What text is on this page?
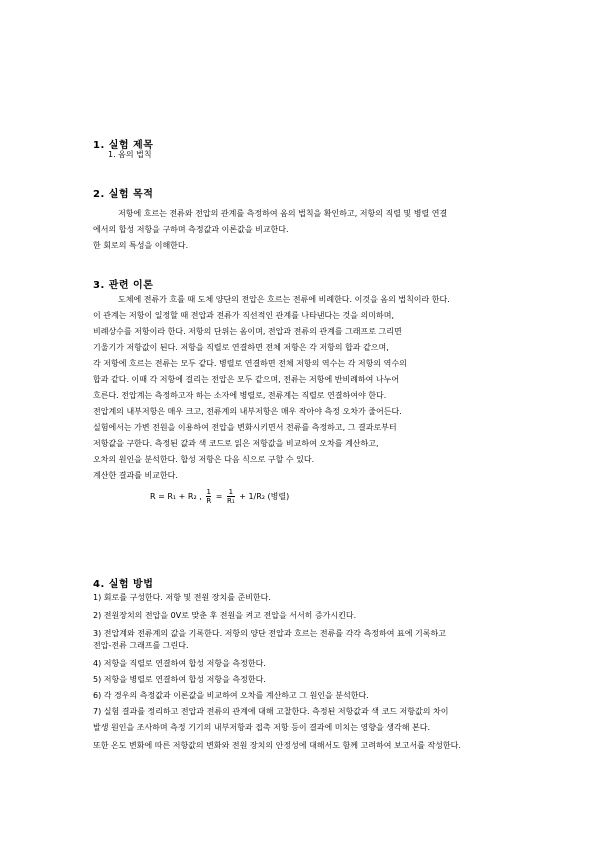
1. 실험 제목
1. 옴의 법칙
2. 실험 목적
저항에 흐르는 전류와 전압의 관계를 측정하여 옴의 법칙을 확인하고, 저항의 직렬 및 병렬 연결
에서의 합성 저항을 구하며 측정값과 이론값을 비교한다.
한 회로의 특성을 이해한다.
3. 관련 이론
도체에 전류가 흐를 때 도체 양단의 전압은 흐르는 전류에 비례한다. 이것을 옴의 법칙이라 한다.
이 관계는 저항이 일정할 때 전압과 전류가 직선적인 관계를 나타낸다는 것을 의미하며,
비례상수를 저항이라 한다. 저항의 단위는 옴이며, 전압과 전류의 관계를 그래프로 그리면
기울기가 저항값이 된다. 저항을 직렬로 연결하면 전체 저항은 각 저항의 합과 같으며,
각 저항에 흐르는 전류는 모두 같다. 병렬로 연결하면 전체 저항의 역수는 각 저항의 역수의
합과 같다. 이때 각 저항에 걸리는 전압은 모두 같으며, 전류는 저항에 반비례하여 나누어
흐른다. 전압계는 측정하고자 하는 소자에 병렬로, 전류계는 직렬로 연결하여야 한다.
전압계의 내부저항은 매우 크고, 전류계의 내부저항은 매우 작아야 측정 오차가 줄어든다.
실험에서는 가변 전원을 이용하여 전압을 변화시키면서 전류를 측정하고, 그 결과로부터
저항값을 구한다. 측정된 값과 색 코드로 읽은 저항값을 비교하여 오차를 계산하고,
오차의 원인을 분석한다. 합성 저항은 다음 식으로 구할 수 있다.
계산한 결과를 비교한다.
R = R₁ + R₂ , $\frac{1}{R} = \frac{1}{\text{R₁}} + 1/R_2$ (병렬)
4. 실험 방법
1) 회로를 구성한다. 저항 및 전원 장치를 준비한다.
2) 전원장치의 전압을 0V로 맞춘 후 전원을 켜고 전압을 서서히 증가시킨다.
3) 전압계와 전류계의 값을 기록한다. 저항의 양단 전압과 흐르는 전류를 각각 측정하여 표에 기록하고
전압-전류 그래프를 그린다.
4) 저항을 직렬로 연결하여 합성 저항을 측정한다.
5) 저항을 병렬로 연결하여 합성 저항을 측정한다.
6) 각 경우의 측정값과 이론값을 비교하여 오차를 계산하고 그 원인을 분석한다.
7) 실험 결과를 정리하고 전압과 전류의 관계에 대해 고찰한다. 측정된 저항값과 색 코드 저항값의 차이
발생 원인을 조사하며 측정 기기의 내부저항과 접촉 저항 등이 결과에 미치는 영향을 생각해 본다.
또한 온도 변화에 따른 저항값의 변화와 전원 장치의 안정성에 대해서도 함께 고려하여 보고서를 작성한다.
